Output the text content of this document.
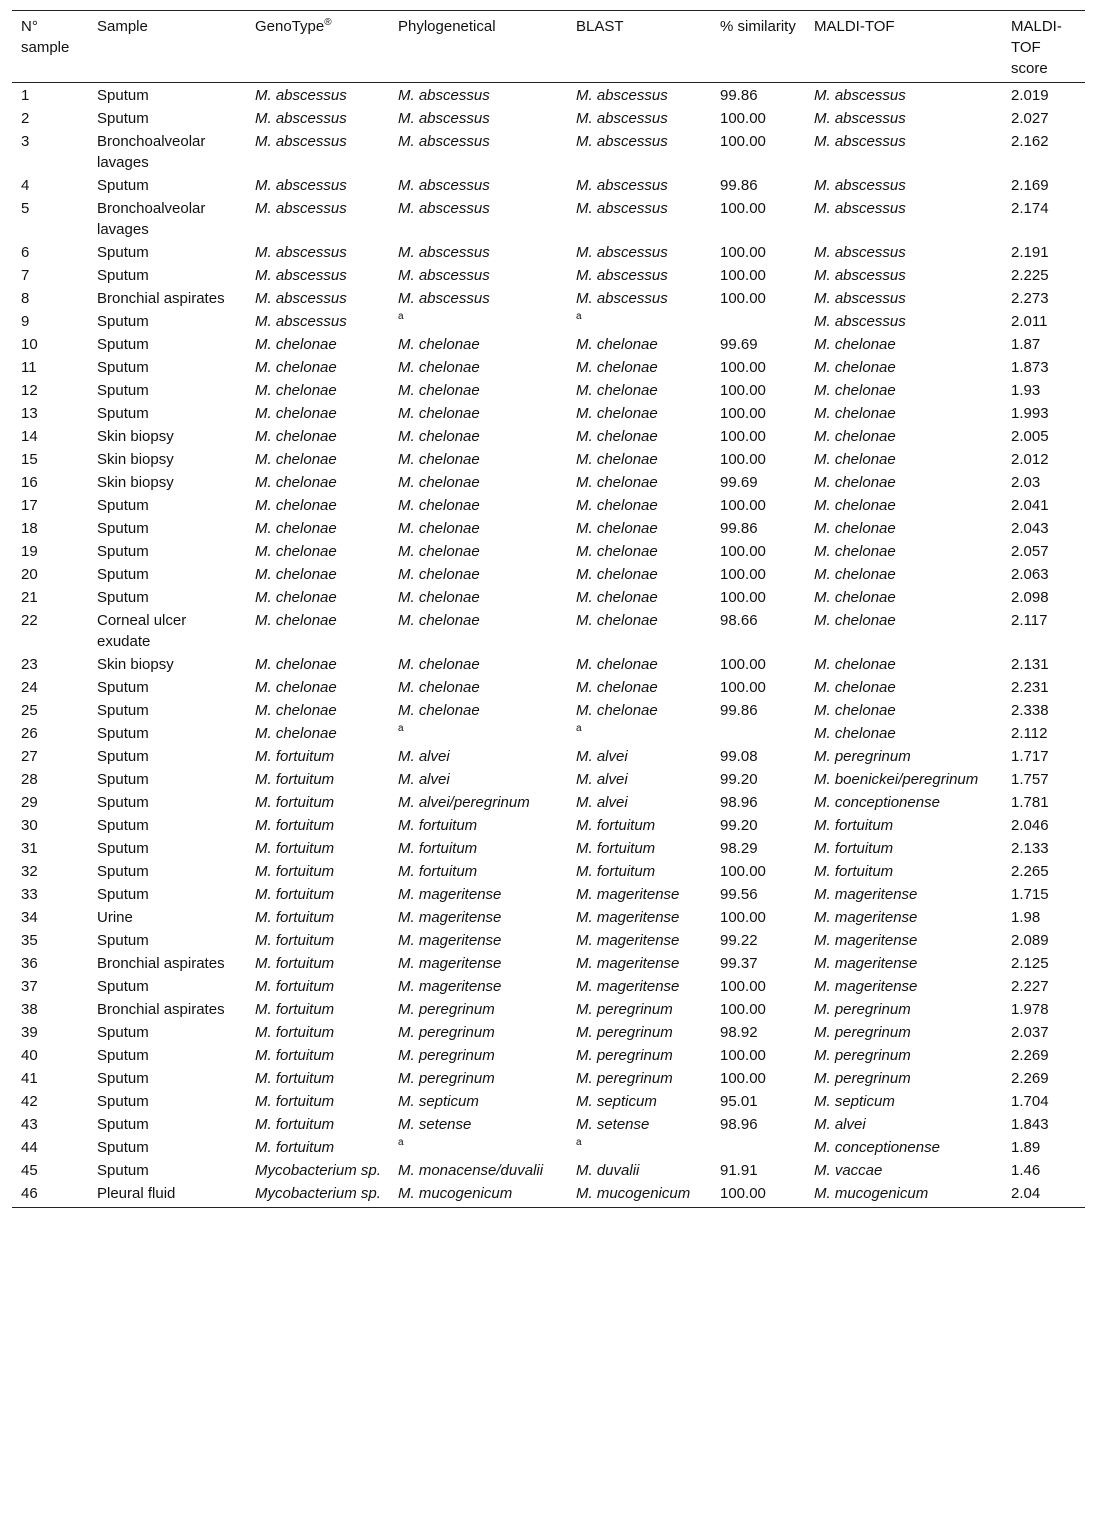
N° sample	Sample	GenoType®	Phylogenetical	BLAST	% similarity	MALDI-TOF	MALDI-TOF score
1	Sputum	M. abscessus	M. abscessus	M. abscessus	99.86	M. abscessus	2.019
2	Sputum	M. abscessus	M. abscessus	M. abscessus	100.00	M. abscessus	2.027
3	Bronchoalveolar lavages	M. abscessus	M. abscessus	M. abscessus	100.00	M. abscessus	2.162
4	Sputum	M. abscessus	M. abscessus	M. abscessus	99.86	M. abscessus	2.169
5	Bronchoalveolar lavages	M. abscessus	M. abscessus	M. abscessus	100.00	M. abscessus	2.174
6	Sputum	M. abscessus	M. abscessus	M. abscessus	100.00	M. abscessus	2.191
7	Sputum	M. abscessus	M. abscessus	M. abscessus	100.00	M. abscessus	2.225
8	Bronchial aspirates	M. abscessus	M. abscessus	M. abscessus	100.00	M. abscessus	2.273
9	Sputum	M. abscessus	a	a		M. abscessus	2.011
10	Sputum	M. chelonae	M. chelonae	M. chelonae	99.69	M. chelonae	1.87
11	Sputum	M. chelonae	M. chelonae	M. chelonae	100.00	M. chelonae	1.873
12	Sputum	M. chelonae	M. chelonae	M. chelonae	100.00	M. chelonae	1.93
13	Sputum	M. chelonae	M. chelonae	M. chelonae	100.00	M. chelonae	1.993
14	Skin biopsy	M. chelonae	M. chelonae	M. chelonae	100.00	M. chelonae	2.005
15	Skin biopsy	M. chelonae	M. chelonae	M. chelonae	100.00	M. chelonae	2.012
16	Skin biopsy	M. chelonae	M. chelonae	M. chelonae	99.69	M. chelonae	2.03
17	Sputum	M. chelonae	M. chelonae	M. chelonae	100.00	M. chelonae	2.041
18	Sputum	M. chelonae	M. chelonae	M. chelonae	99.86	M. chelonae	2.043
19	Sputum	M. chelonae	M. chelonae	M. chelonae	100.00	M. chelonae	2.057
20	Sputum	M. chelonae	M. chelonae	M. chelonae	100.00	M. chelonae	2.063
21	Sputum	M. chelonae	M. chelonae	M. chelonae	100.00	M. chelonae	2.098
22	Corneal ulcer exudate	M. chelonae	M. chelonae	M. chelonae	98.66	M. chelonae	2.117
23	Skin biopsy	M. chelonae	M. chelonae	M. chelonae	100.00	M. chelonae	2.131
24	Sputum	M. chelonae	M. chelonae	M. chelonae	100.00	M. chelonae	2.231
25	Sputum	M. chelonae	M. chelonae	M. chelonae	99.86	M. chelonae	2.338
26	Sputum	M. chelonae	a	a		M. chelonae	2.112
27	Sputum	M. fortuitum	M. alvei	M. alvei	99.08	M. peregrinum	1.717
28	Sputum	M. fortuitum	M. alvei	M. alvei	99.20	M. boenickei/peregrinum	1.757
29	Sputum	M. fortuitum	M. alvei/peregrinum	M. alvei	98.96	M. conceptionense	1.781
30	Sputum	M. fortuitum	M. fortuitum	M. fortuitum	99.20	M. fortuitum	2.046
31	Sputum	M. fortuitum	M. fortuitum	M. fortuitum	98.29	M. fortuitum	2.133
32	Sputum	M. fortuitum	M. fortuitum	M. fortuitum	100.00	M. fortuitum	2.265
33	Sputum	M. fortuitum	M. mageritense	M. mageritense	99.56	M. mageritense	1.715
34	Urine	M. fortuitum	M. mageritense	M. mageritense	100.00	M. mageritense	1.98
35	Sputum	M. fortuitum	M. mageritense	M. mageritense	99.22	M. mageritense	2.089
36	Bronchial aspirates	M. fortuitum	M. mageritense	M. mageritense	99.37	M. mageritense	2.125
37	Sputum	M. fortuitum	M. mageritense	M. mageritense	100.00	M. mageritense	2.227
38	Bronchial aspirates	M. fortuitum	M. peregrinum	M. peregrinum	100.00	M. peregrinum	1.978
39	Sputum	M. fortuitum	M. peregrinum	M. peregrinum	98.92	M. peregrinum	2.037
40	Sputum	M. fortuitum	M. peregrinum	M. peregrinum	100.00	M. peregrinum	2.269
41	Sputum	M. fortuitum	M. peregrinum	M. peregrinum	100.00	M. peregrinum	2.269
42	Sputum	M. fortuitum	M. septicum	M. septicum	95.01	M. septicum	1.704
43	Sputum	M. fortuitum	M. setense	M. setense	98.96	M. alvei	1.843
44	Sputum	M. fortuitum	a	a		M. conceptionense	1.89
45	Sputum	Mycobacterium sp.	M. monacense/duvalii	M. duvalii	91.91	M. vaccae	1.46
46	Pleural fluid	Mycobacterium sp.	M. mucogenicum	M. mucogenicum	100.00	M. mucogenicum	2.04
